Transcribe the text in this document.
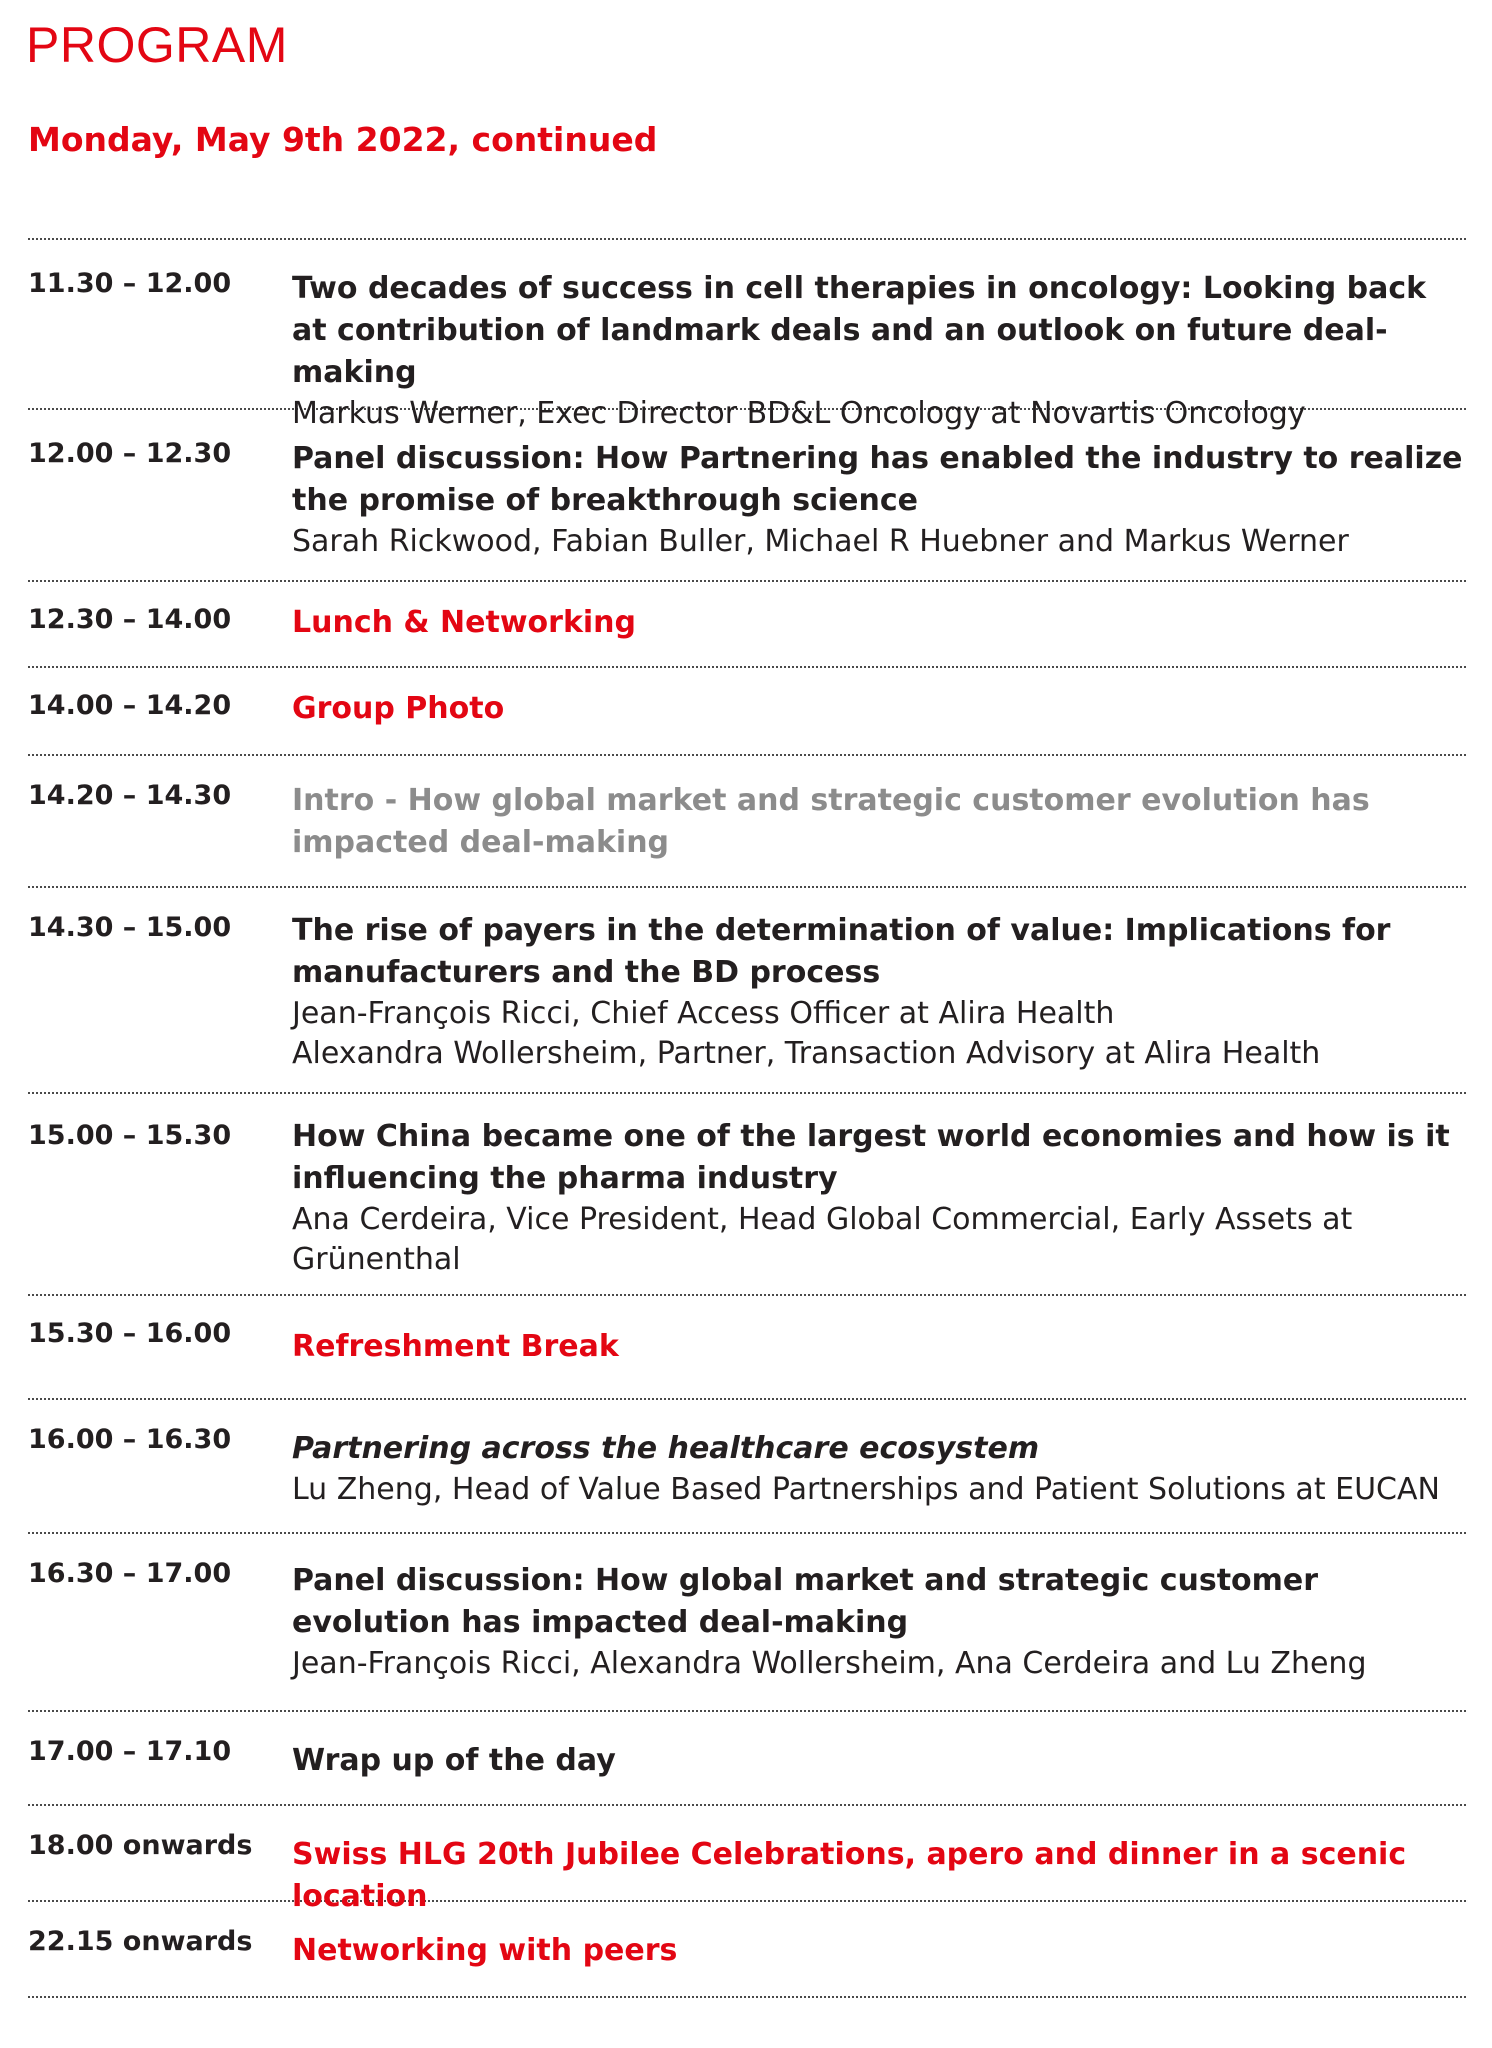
PROGRAM
Monday, May 9th 2022, continued
11.30 – 12.00 Two decades of success in cell therapies in oncology: Looking back at contribution of landmark deals and an outlook on future deal-making
Markus Werner, Exec Director BD&L Oncology at Novartis Oncology
12.00 – 12.30 Panel discussion: How Partnering has enabled the industry to realize the promise of breakthrough science
Sarah Rickwood, Fabian Buller, Michael R Huebner and Markus Werner
12.30 – 14.00 Lunch & Networking
14.00 – 14.20 Group Photo
14.20 – 14.30 Intro - How global market and strategic customer evolution has impacted deal-making
14.30 – 15.00 The rise of payers in the determination of value: Implications for manufacturers and the BD process
Jean-François Ricci, Chief Access Officer at Alira Health
Alexandra Wollersheim, Partner, Transaction Advisory at Alira Health
15.00 – 15.30 How China became one of the largest world economies and how is it influencing the pharma industry
Ana Cerdeira, Vice President, Head Global Commercial, Early Assets at Grünenthal
15.30 – 16.00 Refreshment Break
16.00 – 16.30 Partnering across the healthcare ecosystem
Lu Zheng, Head of Value Based Partnerships and Patient Solutions at EUCAN
16.30 – 17.00 Panel discussion: How global market and strategic customer evolution has impacted deal-making
Jean-François Ricci, Alexandra Wollersheim, Ana Cerdeira and Lu Zheng
17.00 – 17.10 Wrap up of the day
18.00 onwards Swiss HLG 20th Jubilee Celebrations, apero and dinner in a scenic location
22.15 onwards Networking with peers
